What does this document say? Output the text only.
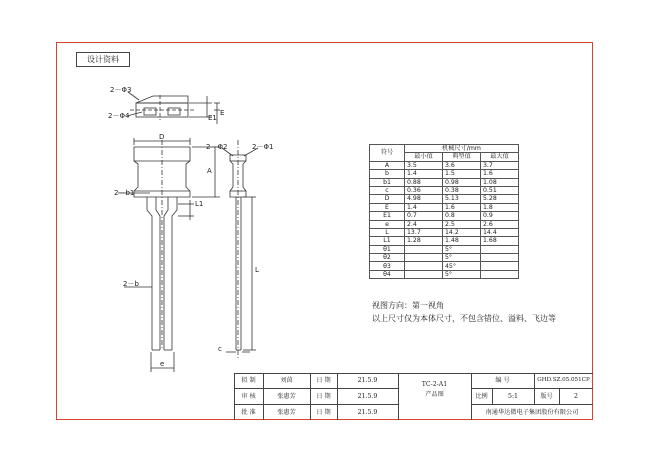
设计资料
2－Φ3
2－Φ4	E
E1
D
A
2－b1
L1
2－b
e
2－Φ2	2－Φ1
L
c
符号	机械尺寸/mm		
	最小值	典型值	最大值
A	3.5	3.6	3.7
b	1.4	1.5	1.6
b1	0.88	0.98	1.08
c	0.36	0.38	0.51
D	4.98	5.13	5.28
E	1.4	1.6	1.8
E1	0.7	0.8	0.9
e	2.4	2.5	2.6
L	13.7	14.2	14.4
L1	1.28	1.48	1.68
θ1		5°	
θ2		5°	
θ3		45°	
θ4		5°	
视图方向：第一视角
以上尺寸仅为本体尺寸，不包含错位、溢料、飞边等
拟 制	刘茵	日 期	21.5.9
审 核	张惠芳	日 期	21.5.9
批 准	张惠芳	日 期	21.5.9
TC-2-A1
产品图
编 号	GHD.SZ.05.051CP
比例	5:1	版号	2
南通华达微电子集团股份有限公司
